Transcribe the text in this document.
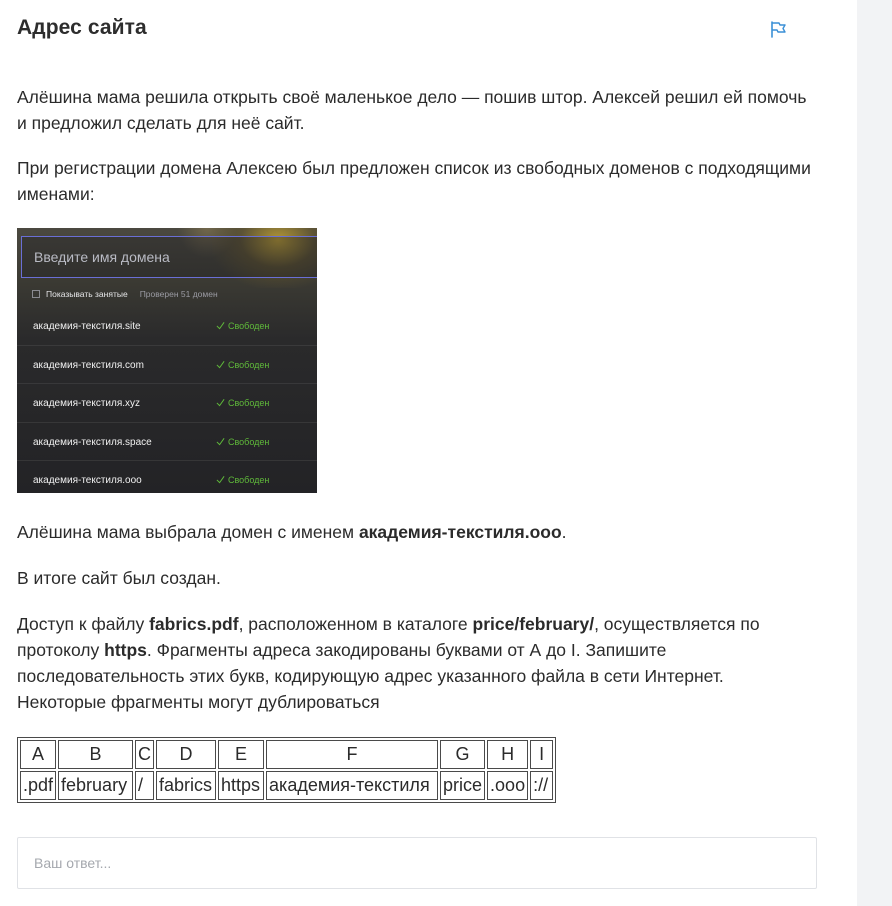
Адрес сайта

Алёшина мама решила открыть своё маленькое дело — пошив штор. Алексей решил ей помочь и предложил сделать для неё сайт.

При регистрации домена Алексею был предложен список из свободных доменов с подходящими именами:

Введите имя домена
Показывать занятые Проверен 51 домен
академия-текстиля.site	Свободен
академия-текстиля.com	Свободен
академия-текстиля.xyz	Свободен
академия-текстиля.space	Свободен
академия-текстиля.ооо	Свободен

Алёшина мама выбрала домен с именем академия-текстиля.ооо.

В итоге сайт был создан.

Доступ к файлу fabrics.pdf, расположенном в каталоге price/february/, осуществляется по протоколу https. Фрагменты адреса закодированы буквами от А до I. Запишите последовательность этих букв, кодирующую адрес указанного файла в сети Интернет. Некоторые фрагменты могут дублироваться

A	B	C	D	E	F	G	H	I
.pdf	february	/	fabrics	https	академия-текстиля	price	.ооо	://
Ваш ответ...
